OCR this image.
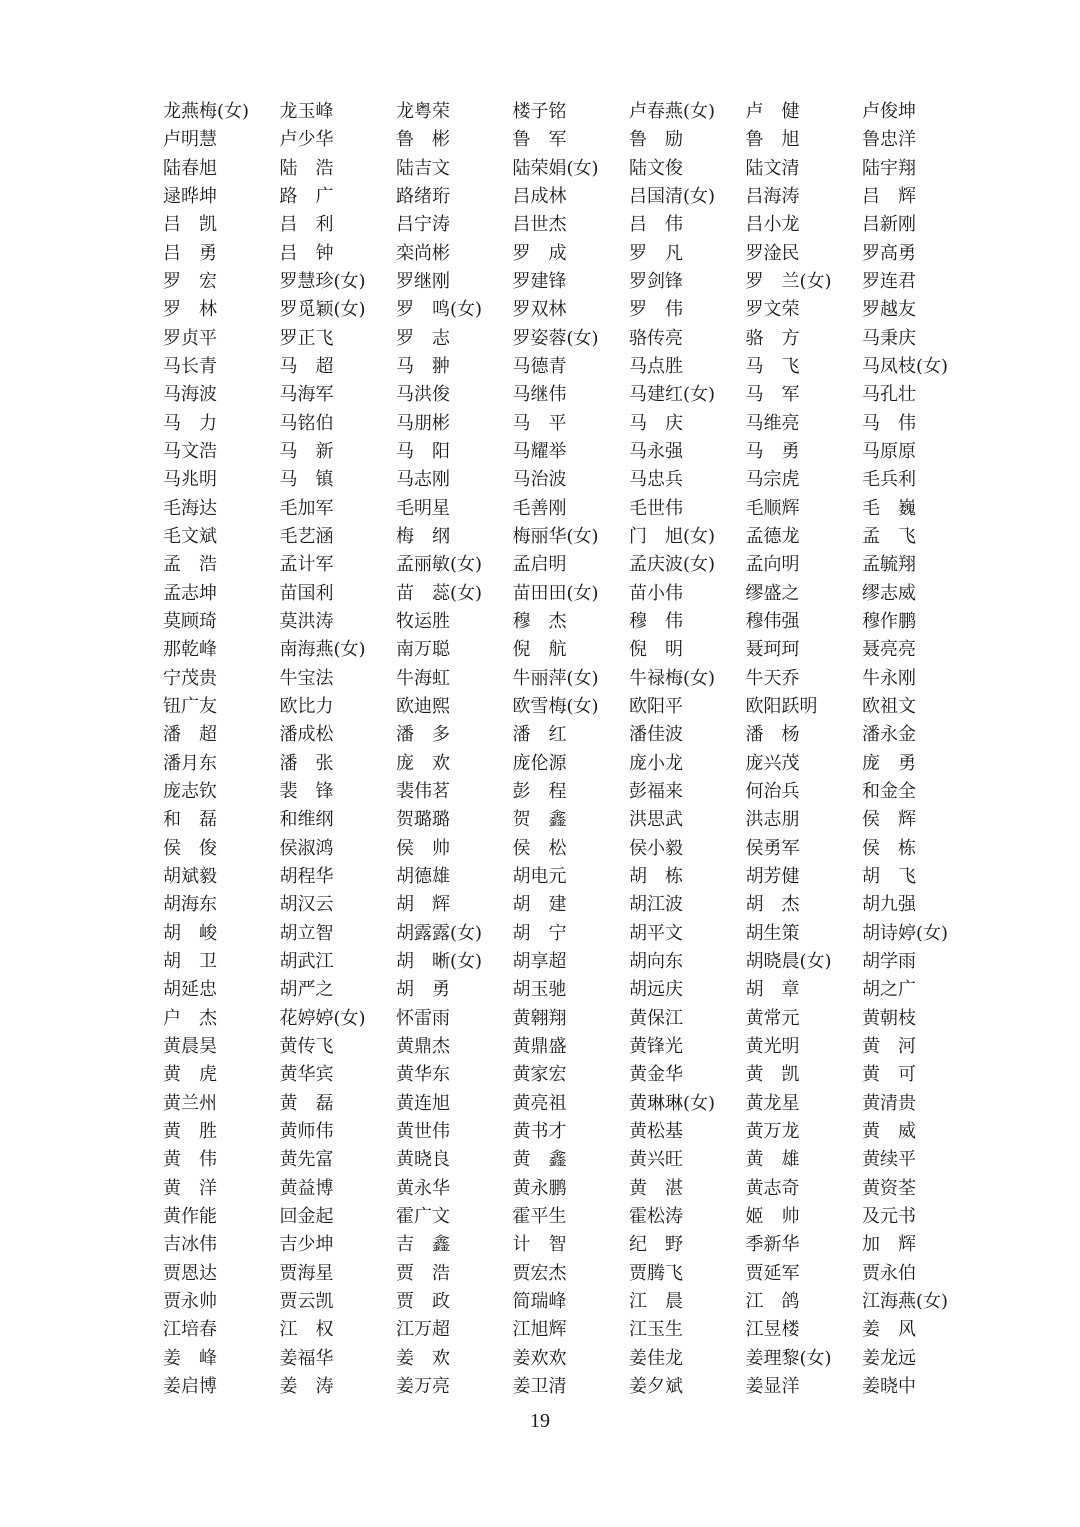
龙燕梅(女)	龙玉峰	龙粤荣	楼子铭	卢春燕(女)	卢　健	卢俊坤
卢明慧	卢少华	鲁　彬	鲁　军	鲁　励	鲁　旭	鲁忠洋
陆春旭	陆　浩	陆吉文	陆荣娟(女)	陆文俊	陆文清	陆宇翔
逯晔坤	路　广	路绪珩	吕成林	吕国清(女)	吕海涛	吕　辉
吕　凯	吕　利	吕宁涛	吕世杰	吕　伟	吕小龙	吕新刚
吕　勇	吕　钟	栾尚彬	罗　成	罗　凡	罗淦民	罗高勇
罗　宏	罗慧珍(女)	罗继刚	罗建锋	罗剑锋	罗　兰(女)	罗连君
罗　林	罗觅颖(女)	罗　鸣(女)	罗双林	罗　伟	罗文荣	罗越友
罗贞平	罗正飞	罗　志	罗姿蓉(女)	骆传亮	骆　方	马秉庆
马长青	马　超	马　翀	马德青	马点胜	马　飞	马凤枝(女)
马海波	马海军	马洪俊	马继伟	马建红(女)	马　军	马孔壮
马　力	马铭伯	马朋彬	马　平	马　庆	马维亮	马　伟
马文浩	马　新	马　阳	马耀举	马永强	马　勇	马原原
马兆明	马　镇	马志刚	马治波	马忠兵	马宗虎	毛兵利
毛海达	毛加军	毛明星	毛善刚	毛世伟	毛顺辉	毛　巍
毛文斌	毛艺涵	梅　纲	梅丽华(女)	门　旭(女)	孟德龙	孟　飞
孟　浩	孟计军	孟丽敏(女)	孟启明	孟庆波(女)	孟向明	孟毓翔
孟志坤	苗国利	苗　蕊(女)	苗田田(女)	苗小伟	缪盛之	缪志威
莫顾琦	莫洪涛	牧运胜	穆　杰	穆　伟	穆伟强	穆作鹏
那乾峰	南海燕(女)	南万聪	倪　航	倪　明	聂珂珂	聂亮亮
宁茂贵	牛宝法	牛海虹	牛丽萍(女)	牛禄梅(女)	牛天乔	牛永刚
钮广友	欧比力	欧迪熙	欧雪梅(女)	欧阳平	欧阳跃明	欧祖文
潘　超	潘成松	潘　多	潘　红	潘佳波	潘　杨	潘永金
潘月东	潘　张	庞　欢	庞伦源	庞小龙	庞兴茂	庞　勇
庞志钦	裴　锋	裴伟茗	彭　程	彭福来	何治兵	和金全
和　磊	和维纲	贺璐璐	贺　鑫	洪思武	洪志朋	侯　辉
侯　俊	侯淑鸿	侯　帅	侯　松	侯小毅	侯勇军	侯　栋
胡斌毅	胡程华	胡德雄	胡电元	胡　栋	胡芳健	胡　飞
胡海东	胡汉云	胡　辉	胡　建	胡江波	胡　杰	胡九强
胡　峻	胡立智	胡露露(女)	胡　宁	胡平文	胡生策	胡诗婷(女)
胡　卫	胡武江	胡　晰(女)	胡享超	胡向东	胡晓晨(女)	胡学雨
胡延忠	胡严之	胡　勇	胡玉驰	胡远庆	胡　章	胡之广
户　杰	花婷婷(女)	怀雷雨	黄翱翔	黄保江	黄常元	黄朝枝
黄晨昊	黄传飞	黄鼎杰	黄鼎盛	黄锋光	黄光明	黄　河
黄　虎	黄华宾	黄华东	黄家宏	黄金华	黄　凯	黄　可
黄兰州	黄　磊	黄连旭	黄亮祖	黄琳琳(女)	黄龙星	黄清贵
黄　胜	黄师伟	黄世伟	黄书才	黄松基	黄万龙	黄　威
黄　伟	黄先富	黄晓良	黄　鑫	黄兴旺	黄　雄	黄续平
黄　洋	黄益博	黄永华	黄永鹏	黄　湛	黄志奇	黄资荃
黄作能	回金起	霍广文	霍平生	霍松涛	姬　帅	及元书
吉冰伟	吉少坤	吉　鑫	计　智	纪　野	季新华	加　辉
贾恩达	贾海星	贾　浩	贾宏杰	贾腾飞	贾延军	贾永伯
贾永帅	贾云凯	贾　政	简瑞峰	江　晨	江　鸽	江海燕(女)
江培春	江　权	江万超	江旭辉	江玉生	江昱楼	姜　风
姜　峰	姜福华	姜　欢	姜欢欢	姜佳龙	姜理黎(女)	姜龙远
姜启博	姜　涛	姜万亮	姜卫清	姜夕斌	姜显洋	姜晓中
19
